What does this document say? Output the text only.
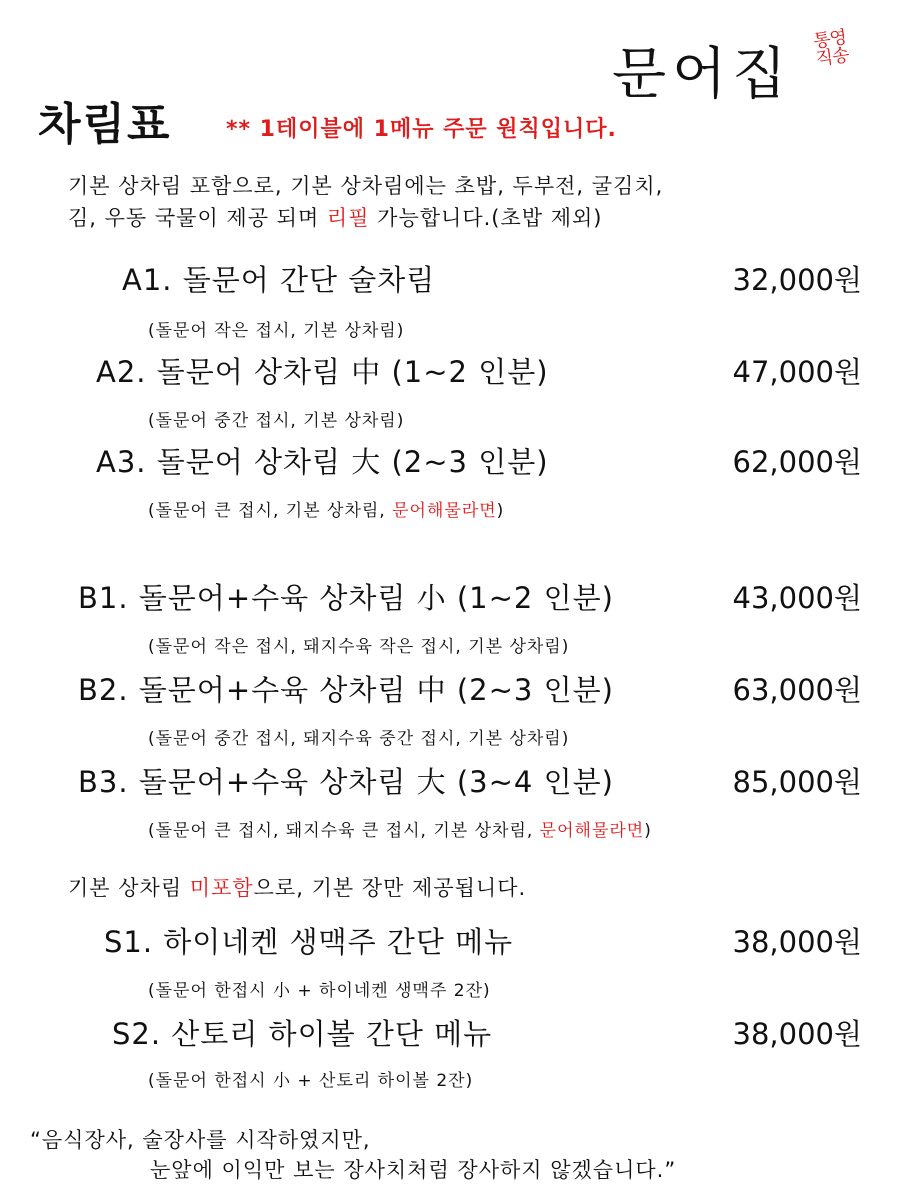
문어집
통영
직송
차림표 ** 1테이블에 1메뉴 주문 원칙입니다.
기본 상차림 포함으로, 기본 상차림에는 초밥, 두부전, 굴김치,
김, 우동 국물이 제공 되며 리필 가능합니다.(초밥 제외)
A1. 돌문어 간단 술차림	32,000원
(돌문어 작은 접시, 기본 상차림)
A2. 돌문어 상차림 中 (1~2 인분)	47,000원
(돌문어 중간 접시, 기본 상차림)
A3. 돌문어 상차림 大 (2~3 인분)	62,000원
(돌문어 큰 접시, 기본 상차림, 문어해물라면)
B1. 돌문어+수육 상차림 小 (1~2 인분)	43,000원
(돌문어 작은 접시, 돼지수육 작은 접시, 기본 상차림)
B2. 돌문어+수육 상차림 中 (2~3 인분)	63,000원
(돌문어 중간 접시, 돼지수육 중간 접시, 기본 상차림)
B3. 돌문어+수육 상차림 大 (3~4 인분)	85,000원
(돌문어 큰 접시, 돼지수육 큰 접시, 기본 상차림, 문어해물라면)
기본 상차림 미포함으로, 기본 장만 제공됩니다.
S1. 하이네켄 생맥주 간단 메뉴	38,000원
(돌문어 한접시 小 + 하이네켄 생맥주 2잔)
S2. 산토리 하이볼 간단 메뉴	38,000원
(돌문어 한접시 小 + 산토리 하이볼 2잔)
“음식장사, 술장사를 시작하였지만,
눈앞에 이익만 보는 장사치처럼 장사하지 않겠습니다.”
